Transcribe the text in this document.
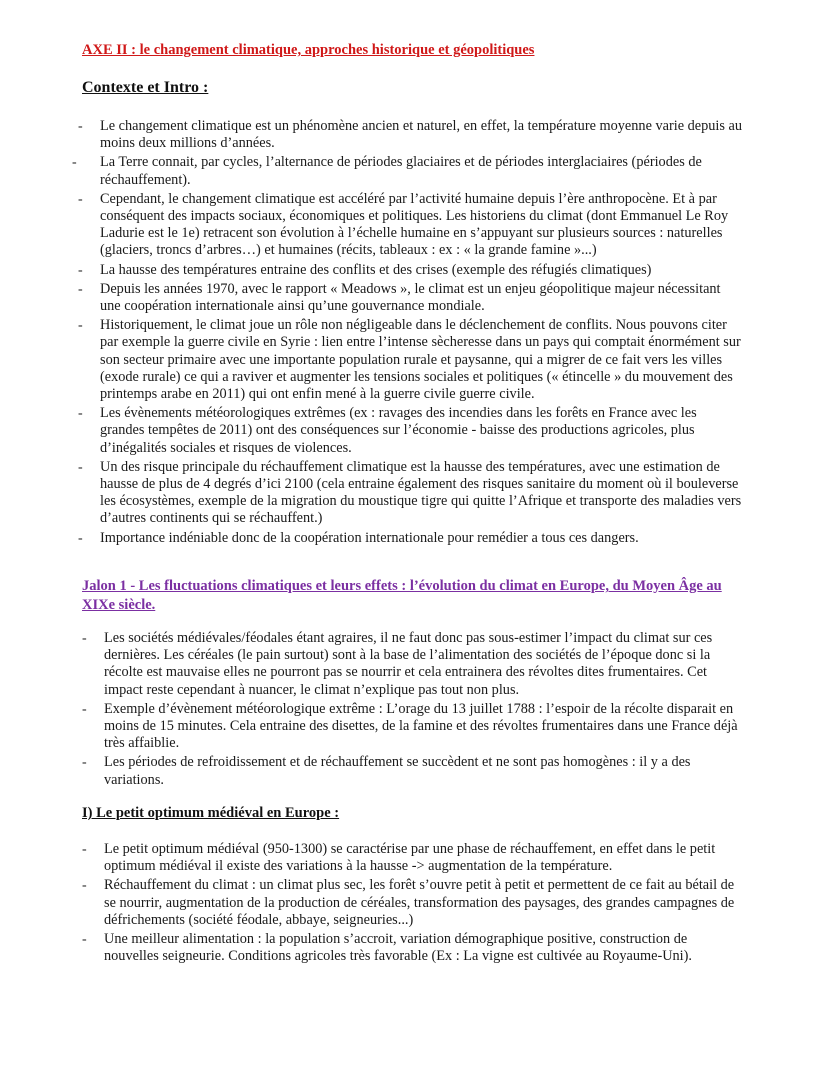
AXE II : le changement climatique, approches historique et géopolitiques
Contexte et Intro :
- Le changement climatique est un phénomène ancien et naturel, en effet, la température moyenne varie depuis au moins deux millions d’années.
- La Terre connait, par cycles, l’alternance de périodes glaciaires et de périodes interglaciaires (périodes de réchauffement).
- Cependant, le changement climatique est accéléré par l’activité humaine depuis l’ère anthropocène. Et à par conséquent des impacts sociaux, économiques et politiques. Les historiens du climat (dont Emmanuel Le Roy Ladurie est le 1e) retracent son évolution à l’échelle humaine en s’appuyant sur plusieurs sources : naturelles (glaciers, troncs d’arbres…) et humaines (récits, tableaux : ex : « la grande famine »...)
- La hausse des températures entraine des conflits et des crises (exemple des réfugiés climatiques)
- Depuis les années 1970, avec le rapport « Meadows », le climat est un enjeu géopolitique majeur nécessitant une coopération internationale ainsi qu’une gouvernance mondiale.
- Historiquement, le climat joue un rôle non négligeable dans le déclenchement de conflits. Nous pouvons citer par exemple la guerre civile en Syrie : lien entre l’intense sècheresse dans un pays qui comptait énormément sur son secteur primaire avec une importante population rurale et paysanne, qui a migrer de ce fait vers les villes (exode rurale) ce qui a raviver et augmenter les tensions sociales et politiques (« étincelle » du mouvement des printemps arabe en 2011) qui ont enfin mené à la guerre civile guerre civile.
- Les évènements météorologiques extrêmes (ex : ravages des incendies dans les forêts en France avec les grandes tempêtes de 2011) ont des conséquences sur l’économie - baisse des productions agricoles, plus d’inégalités sociales et risques de violences.
- Un des risque principale du réchauffement climatique est la hausse des températures, avec une estimation de hausse de plus de 4 degrés d’ici 2100 (cela entraine également des risques sanitaire du moment où il bouleverse les écosystèmes, exemple de la migration du moustique tigre qui quitte l’Afrique et transporte des maladies vers d’autres continents qui se réchauffent.)
- Importance indéniable donc de la coopération internationale pour remédier a tous ces dangers.
Jalon 1 - Les fluctuations climatiques et leurs effets : l’évolution du climat en Europe, du Moyen Âge au XIXe siècle.
- Les sociétés médiévales/féodales étant agraires, il ne faut donc pas sous-estimer l’impact du climat sur ces dernières. Les céréales (le pain surtout) sont à la base de l’alimentation des sociétés de l’époque donc si la récolte est mauvaise elles ne pourront pas se nourrir et cela entrainera des révoltes dites frumentaires. Cet impact reste cependant à nuancer, le climat n’explique pas tout non plus.
- Exemple d’évènement météorologique extrême : L’orage du 13 juillet 1788 : l’espoir de la récolte disparait en moins de 15 minutes. Cela entraine des disettes, de la famine et des révoltes frumentaires dans une France déjà très affaiblie.
- Les périodes de refroidissement et de réchauffement se succèdent et ne sont pas homogènes : il y a des variations.
I) Le petit optimum médiéval en Europe :
- Le petit optimum médiéval (950-1300) se caractérise par une phase de réchauffement, en effet dans le petit optimum médiéval il existe des variations à la hausse -> augmentation de la température.
- Réchauffement du climat : un climat plus sec, les forêt s’ouvre petit à petit et permettent de ce fait au bétail de se nourrir, augmentation de la production de céréales, transformation des paysages, des grandes campagnes de défrichements (société féodale, abbaye, seigneuries...)
- Une meilleur alimentation : la population s’accroit, variation démographique positive, construction de nouvelles seigneurie. Conditions agricoles très favorable (Ex : La vigne est cultivée au Royaume-Uni).
